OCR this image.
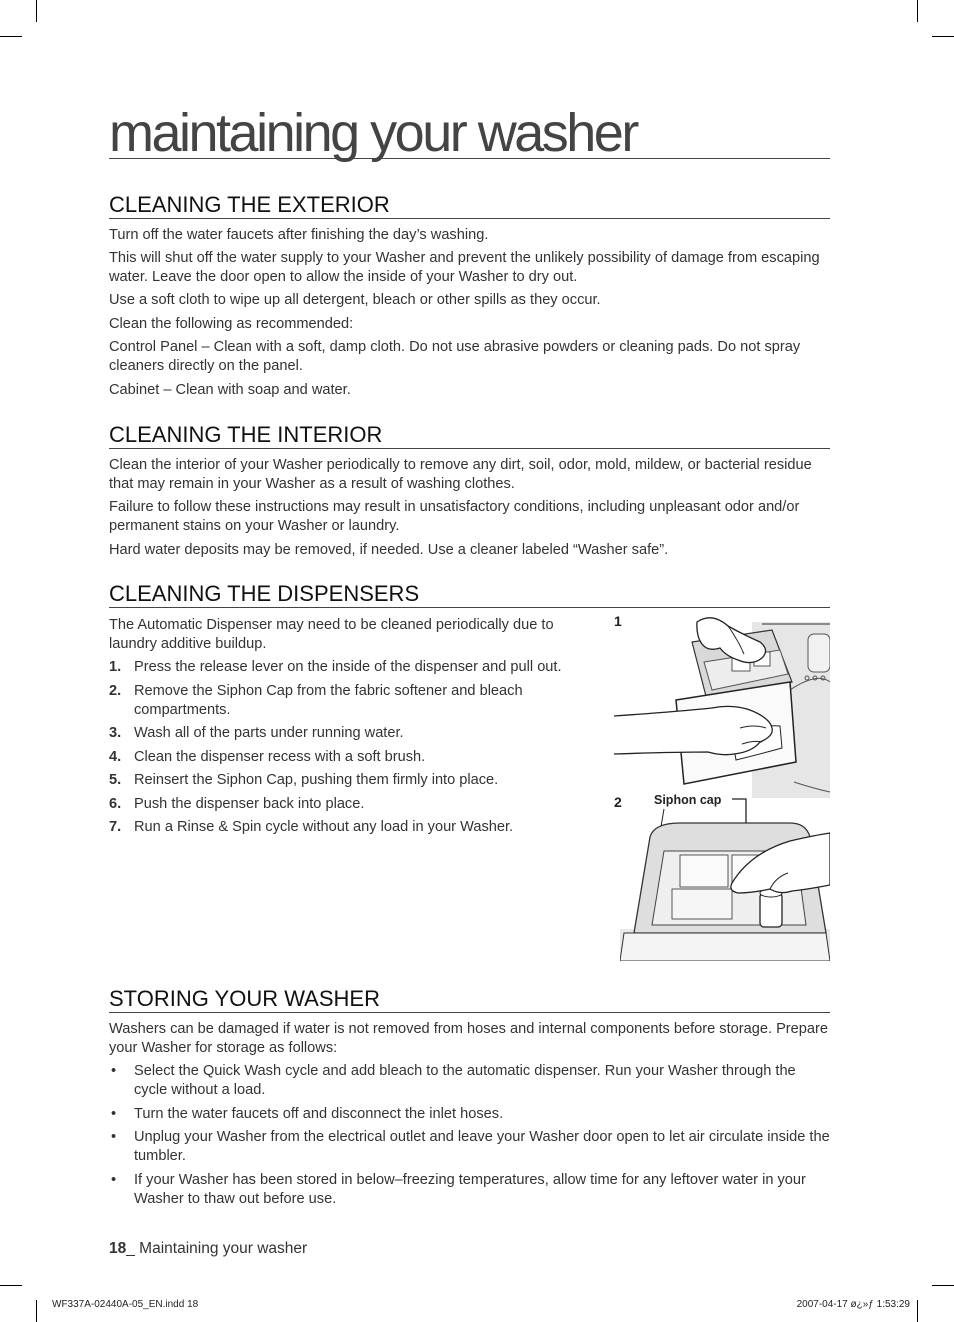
maintaining your washer
CLEANING THE EXTERIOR

Turn off the water faucets after finishing the day’s washing.

This will shut off the water supply to your Washer and prevent the unlikely possibility of damage from escaping water. Leave the door open to allow the inside of your Washer to dry out.

Use a soft cloth to wipe up all detergent, bleach or other spills as they occur.

Clean the following as recommended:

Control Panel – Clean with a soft, damp cloth. Do not use abrasive powders or cleaning pads. Do not spray cleaners directly on the panel.

Cabinet – Clean with soap and water.

CLEANING THE INTERIOR

Clean the interior of your Washer periodically to remove any dirt, soil, odor, mold, mildew, or bacterial residue that may remain in your Washer as a result of washing clothes.

Failure to follow these instructions may result in unsatisfactory conditions, including unpleasant odor and/or permanent stains on your Washer or laundry.

Hard water deposits may be removed, if needed. Use a cleaner labeled “Washer safe”.

CLEANING THE DISPENSERS

The Automatic Dispenser may need to be cleaned periodically due to laundry additive buildup.

1. Press the release lever on the inside of the dispenser and pull out.
2. Remove the Siphon Cap from the fabric softener and bleach compartments.
3. Wash all of the parts under running water.
4. Clean the dispenser recess with a soft brush.
5. Reinsert the Siphon Cap, pushing them firmly into place.
6. Push the dispenser back into place.
7. Run a Rinse & Spin cycle without any load in your Washer.
1
2	Siphon cap
STORING YOUR WASHER

Washers can be damaged if water is not removed from hoses and internal components before storage. Prepare your Washer for storage as follows:

• Select the Quick Wash cycle and add bleach to the automatic dispenser. Run your Washer through the cycle without a load.
• Turn the water faucets off and disconnect the inlet hoses.
• Unplug your Washer from the electrical outlet and leave your Washer door open to let air circulate inside the tumbler.
• If your Washer has been stored in below–freezing temperatures, allow time for any leftover water in your Washer to thaw out before use.
18_ Maintaining your washer
WF337A-02440A-05_EN.indd 18	2007-04-17 ø¿»ƒ 1:53:29
